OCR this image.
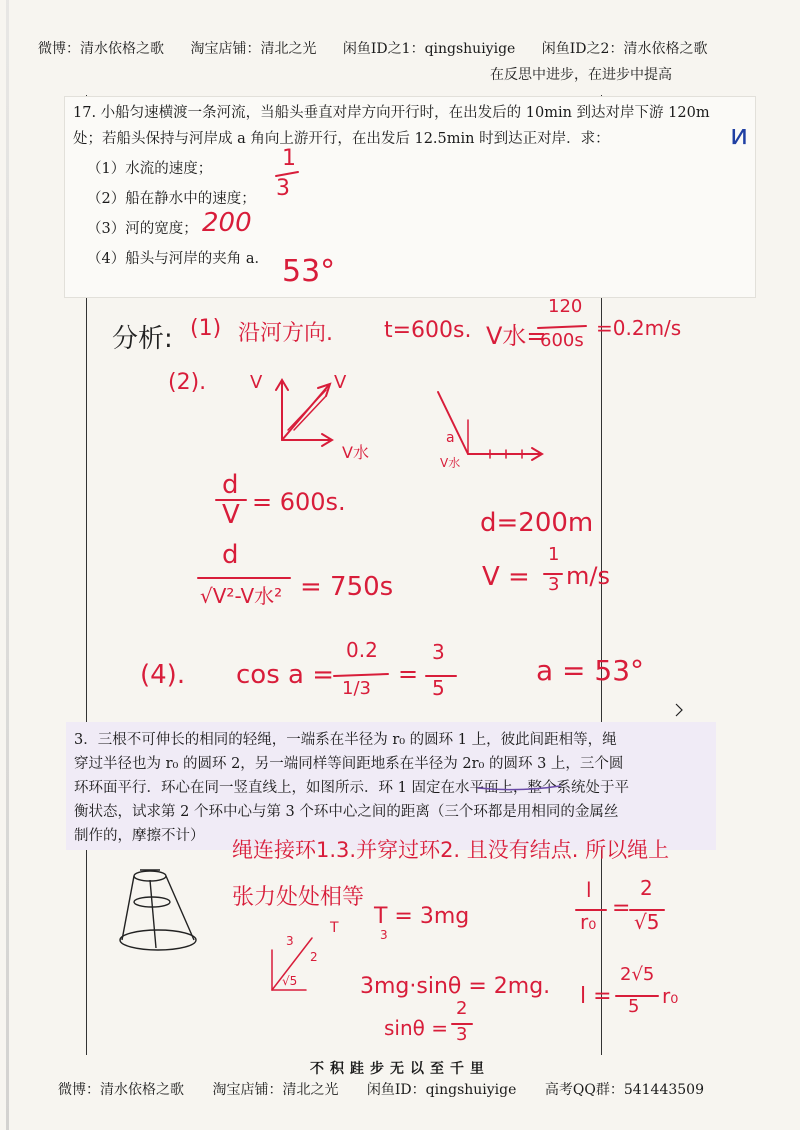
微博：清水依格之歌 淘宝店铺：清北之光 闲鱼ID之1：qingshuiyige 闲鱼ID之2：清水依格之歌
在反思中进步，在进步中提高
17. 小船匀速横渡一条河流，当船头垂直对岸方向开行时，在出发后的 10min 到达对岸下游 120m
处；若船头保持与河岸成 a 角向上游开行，在出发后 12.5min 时到达正对岸．求：
（1）水流的速度；
（2）船在静水中的速度；
（3）河的宽度；
（4）船头与河岸的夹角 a．
1
3
200
53°
ᴎ
分析: (1) 沿河方向. t=600s. V水=
120
600s
=0.2m/s
(2). V	V
V水
a
V水
d
V = 600s.
d
√V²-V水² = 750s
d=200m
V =
1
3 m/s
(4). cos a =
0.2
1/3
=
3
5
a = 53°
3．三根不可伸长的相同的轻绳，一端系在半径为 r₀ 的圆环 1 上，彼此间距相等，绳
穿过半径也为 r₀ 的圆环 2，另一端同样等间距地系在半径为 2r₀ 的圆环 3 上，三个圆
环环面平行．环心在同一竖直线上，如图所示．环 1 固定在水平面上，整个系统处于平
衡状态，试求第 2 个环中心与第 3 个环中心之间的距离（三个环都是用相同的金属丝
制作的，摩擦不计）
绳连接环1.3.并穿过环2. 且没有结点. 所以绳上
张力处处相等
T = 3mg
3
3mg·sinθ = 2mg.
sinθ =
2
3
l
r₀
=
2
√5
l =
2√5
5 r₀
T
3
2
√5
不积跬步无以至千里
微博：清水依格之歌 淘宝店铺：清北之光 闲鱼ID：qingshuiyige 高考QQ群：541443509
